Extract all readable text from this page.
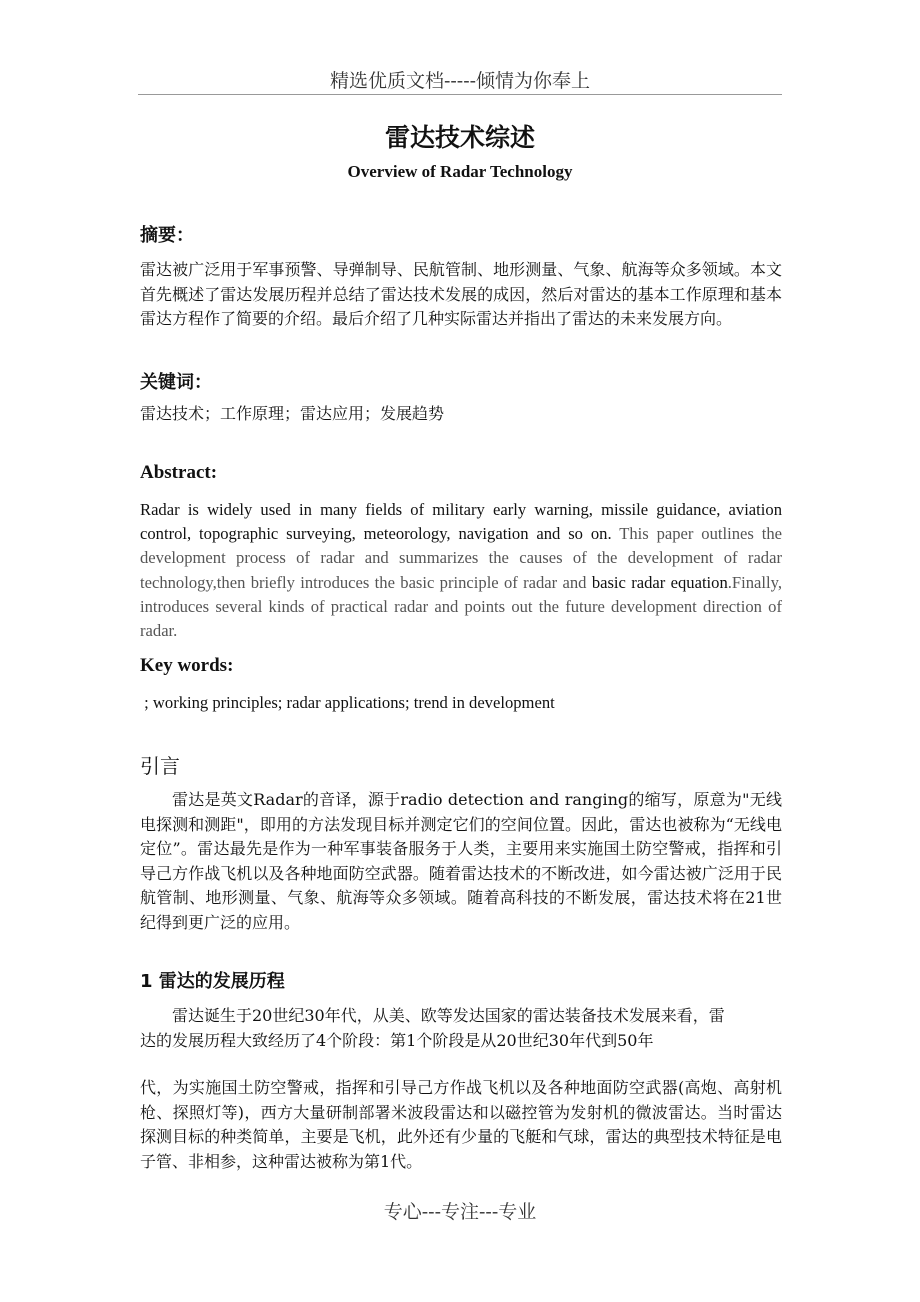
精选优质文档-----倾情为你奉上
雷达技术综述
Overview of Radar Technology
摘要：
雷达被广泛用于军事预警、导弹制导、民航管制、地形测量、气象、航海等众多领域。本文首先概述了雷达发展历程并总结了雷达技术发展的成因，然后对雷达的基本工作原理和基本雷达方程作了简要的介绍。最后介绍了几种实际雷达并指出了雷达的未来发展方向。
关键词：
雷达技术；工作原理；雷达应用；发展趋势
Abstract:
Radar is widely used in many fields of military early warning, missile guidance, aviation control, topographic surveying, meteorology, navigation and so on. This paper outlines the development process of radar and summarizes the causes of the development of radar technology,then briefly introduces the basic principle of radar and basic radar equation.Finally, introduces several kinds of practical radar and points out the future development direction of radar.
Key words:
; working principles; radar applications; trend in development
引言
雷达是英文Radar的音译，源于radio detection and ranging的缩写，原意为"无线电探测和测距"，即用的方法发现目标并测定它们的空间位置。因此，雷达也被称为“无线电定位”。雷达最先是作为一种军事装备服务于人类，主要用来实施国土防空警戒，指挥和引导己方作战飞机以及各种地面防空武器。随着雷达技术的不断改进，如今雷达被广泛用于民航管制、地形测量、气象、航海等众多领域。随着高科技的不断发展，雷达技术将在21世纪得到更广泛的应用。
1 雷达的发展历程
雷达诞生于20世纪30年代，从美、欧等发达国家的雷达装备技术发展来看，雷达的发展历程大致经历了4个阶段：第1个阶段是从20世纪30年代到50年
代，为实施国土防空警戒，指挥和引导己方作战飞机以及各种地面防空武器(高炮、高射机枪、探照灯等)，西方大量研制部署米波段雷达和以磁控管为发射机的微波雷达。当时雷达探测目标的种类简单，主要是飞机，此外还有少量的飞艇和气球，雷达的典型技术特征是电子管、非相参，这种雷达被称为第1代。
专心---专注---专业
